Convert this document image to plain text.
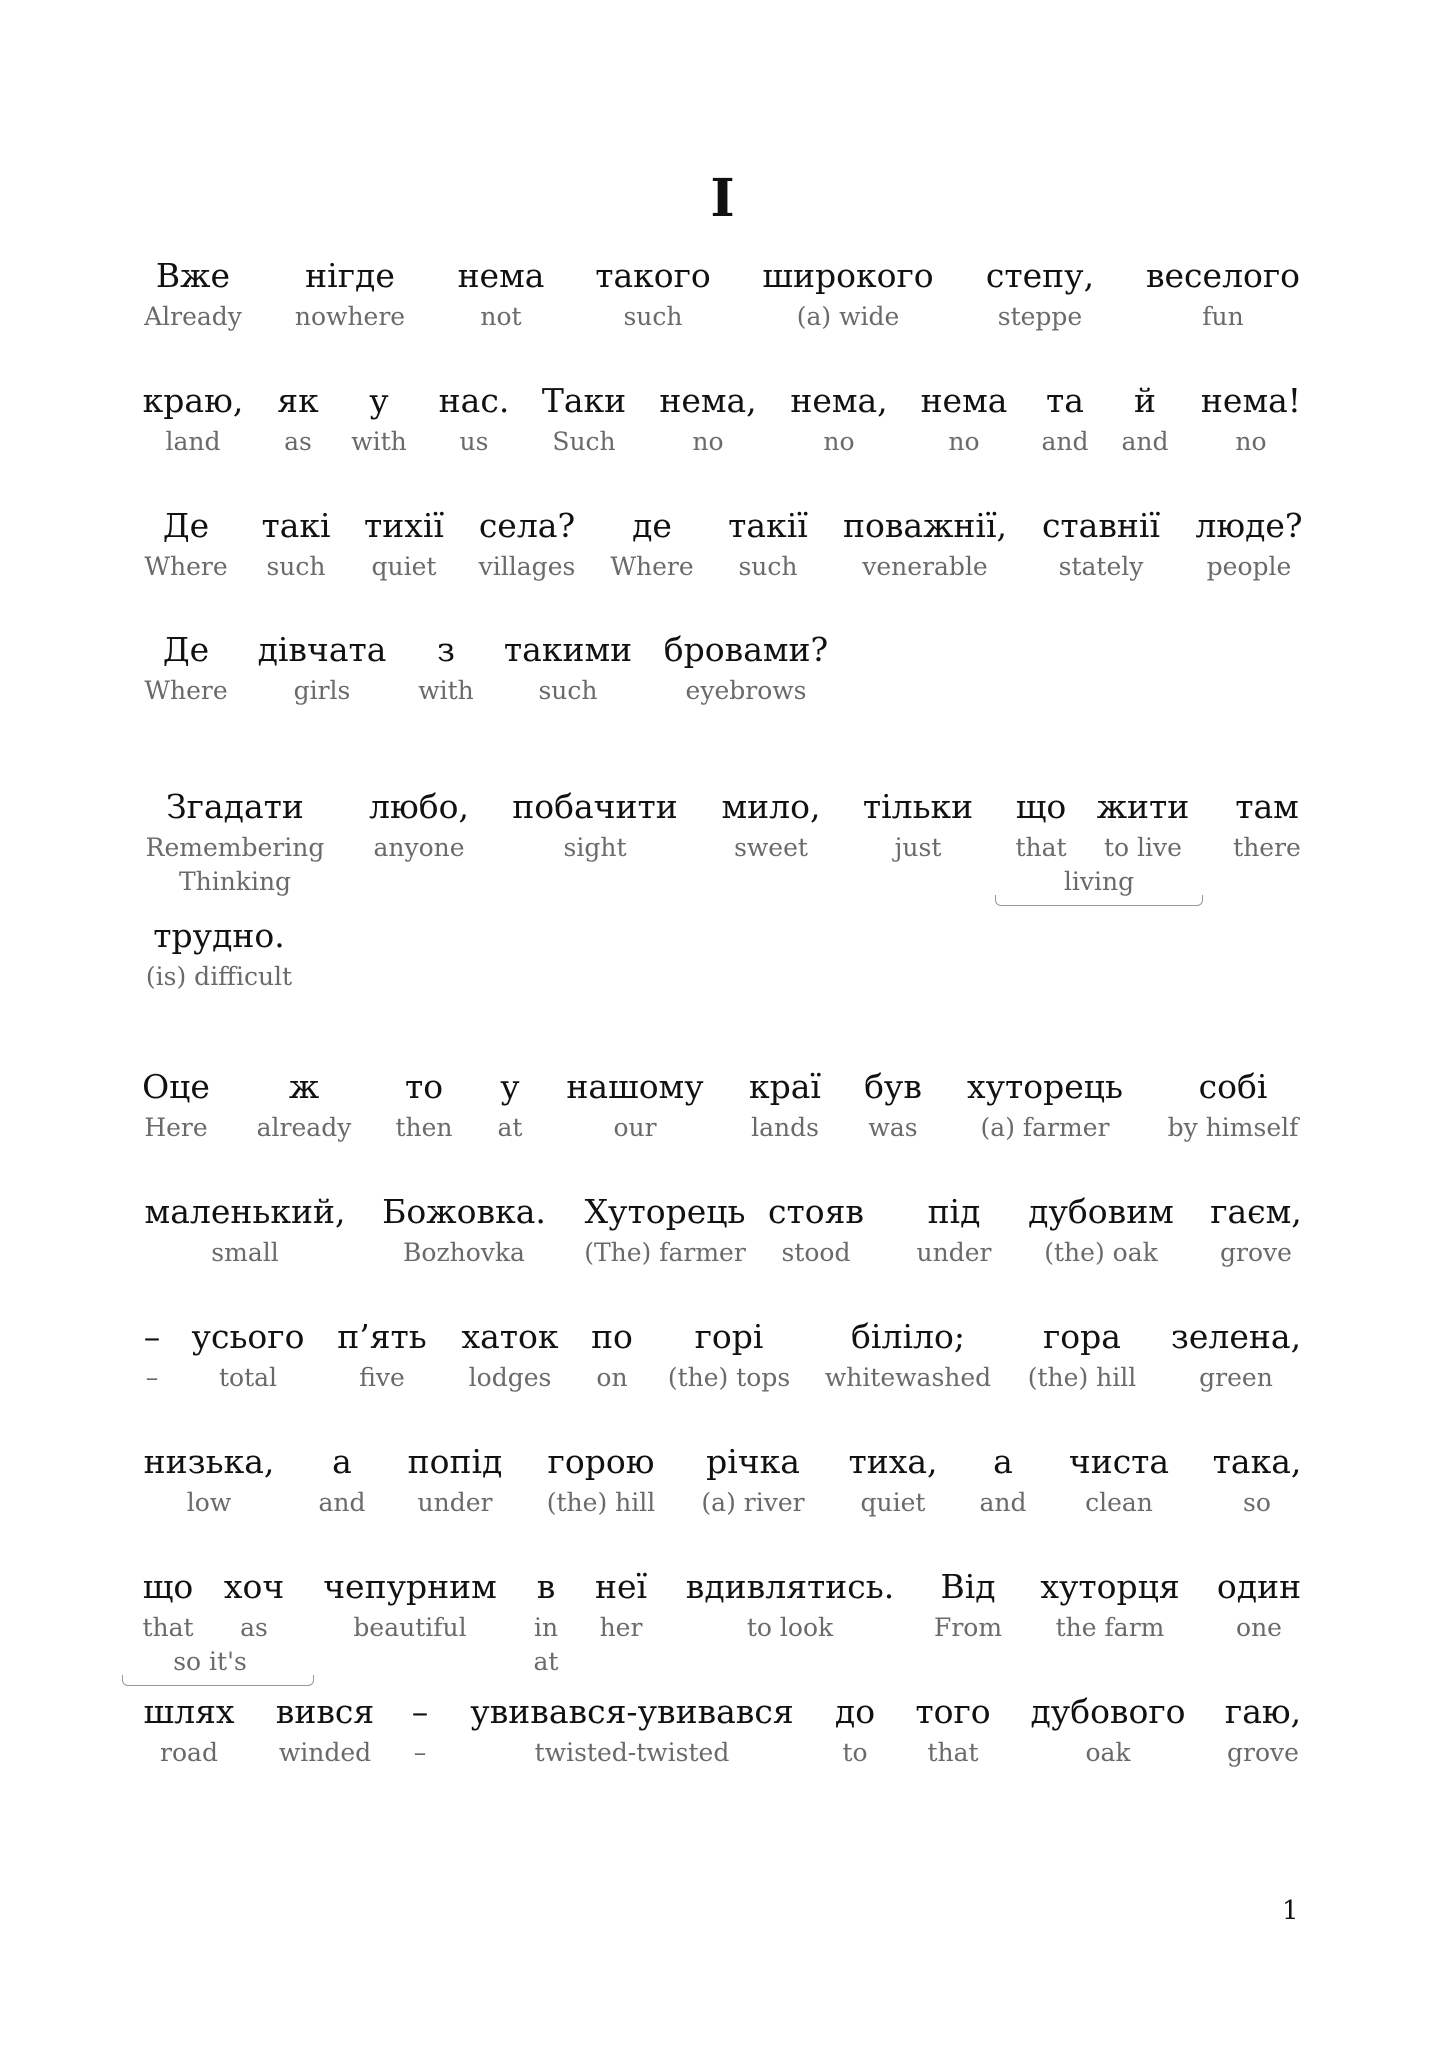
I
Вже
Already
нігде
nowhere
нема
not
такого
such
широкого
(a) wide
степу,
steppe
веселого
fun
краю,
land
як
as
у
with
нас.
us
Таки
Such
нема,
no
нема,
no
нема
no
та
and
й
and
нема!
no
Де
Where
такі
such
тихії
quiet
села?
villages
де
Where
такії
such
поважнії,
venerable
ставнії
stately
люде?
people
Де
Where
дівчата
girls
з
with
такими
such
бровами?
eyebrows
Згадати
Remembering
Thinking
любо,
anyone
побачити
sight
мило,
sweet
тільки
just
що
that
жити
to live
там
there
living
трудно.
(is) difficult
Оце
Here
ж
already
то
then
у
at
нашому
our
краї
lands
був
was
хуторець
(a) farmer
собі
by himself
маленький,
small
Божовка.
Bozhovka
Хуторець
(The) farmer
стояв
stood
під
under
дубовим
(the) oak
гаєм,
grove
–
–
усього
total
п’ять
five
хаток
lodges
по
on
горі
(the) tops
біліло;
whitewashed
гора
(the) hill
зелена,
green
низька,
low
а
and
попід
under
горою
(the) hill
річка
(a) river
тиха,
quiet
а
and
чиста
clean
така,
so
що
that
хоч
as
чепурним
beautiful
в
in
at
неї
her
вдивлятись.
to look
Від
From
хуторця
the farm
один
one
so it's
шлях
road
вився
winded
–
–
увивався-увивався
twisted-twisted
до
to
того
that
дубового
oak
гаю,
grove
1
